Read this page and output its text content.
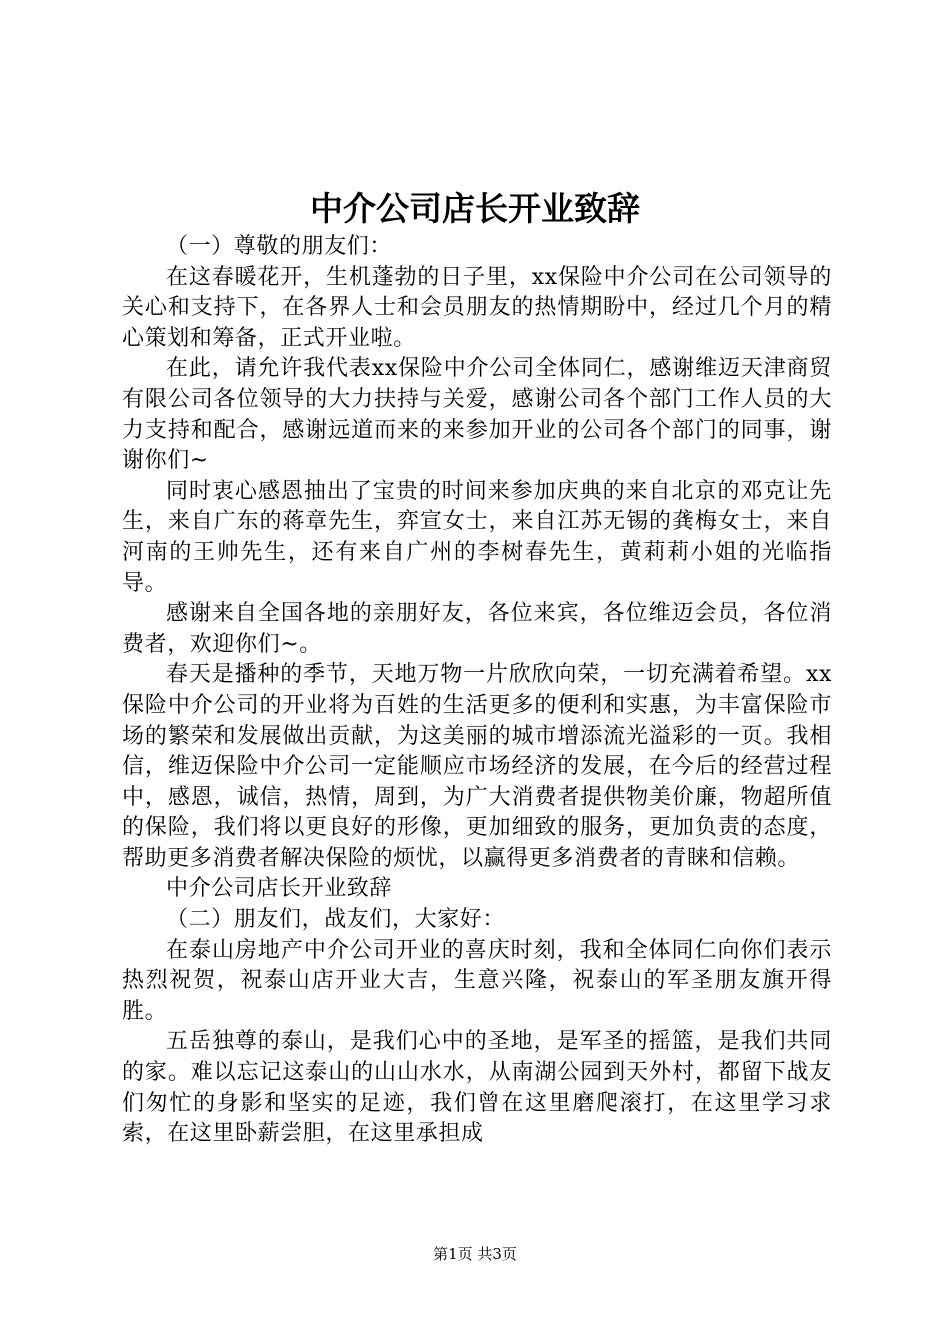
中介公司店长开业致辞

（一）尊敬的朋友们：

在这春暖花开，生机蓬勃的日子里，xx保险中介公司在公司领导的关心和支持下，在各界人士和会员朋友的热情期盼中，经过几个月的精心策划和筹备，正式开业啦。

在此，请允许我代表xx保险中介公司全体同仁，感谢维迈天津商贸有限公司各位领导的大力扶持与关爱，感谢公司各个部门工作人员的大力支持和配合，感谢远道而来的来参加开业的公司各个部门的同事，谢谢你们~

同时衷心感恩抽出了宝贵的时间来参加庆典的来自北京的邓克让先生，来自广东的蒋章先生，弈宣女士，来自江苏无锡的龚梅女士，来自河南的王帅先生，还有来自广州的李树春先生，黄莉莉小姐的光临指导。

感谢来自全国各地的亲朋好友，各位来宾，各位维迈会员，各位消费者，欢迎你们~。

春天是播种的季节，天地万物一片欣欣向荣，一切充满着希望。xx保险中介公司的开业将为百姓的生活更多的便利和实惠，为丰富保险市场的繁荣和发展做出贡献，为这美丽的城市增添流光溢彩的一页。我相信，维迈保险中介公司一定能顺应市场经济的发展，在今后的经营过程中，感恩，诚信，热情，周到，为广大消费者提供物美价廉，物超所值的保险，我们将以更良好的形像，更加细致的服务，更加负责的态度，帮助更多消费者解决保险的烦忧，以赢得更多消费者的青睐和信赖。

中介公司店长开业致辞

（二）朋友们，战友们，大家好：

在泰山房地产中介公司开业的喜庆时刻，我和全体同仁向你们表示热烈祝贺，祝泰山店开业大吉，生意兴隆，祝泰山的军圣朋友旗开得胜。

五岳独尊的泰山，是我们心中的圣地，是军圣的摇篮，是我们共同的家。难以忘记这泰山的山山水水，从南湖公园到天外村，都留下战友们匆忙的身影和坚实的足迹，我们曾在这里磨爬滚打，在这里学习求索，在这里卧薪尝胆，在这里承担成

第1页 共3页
